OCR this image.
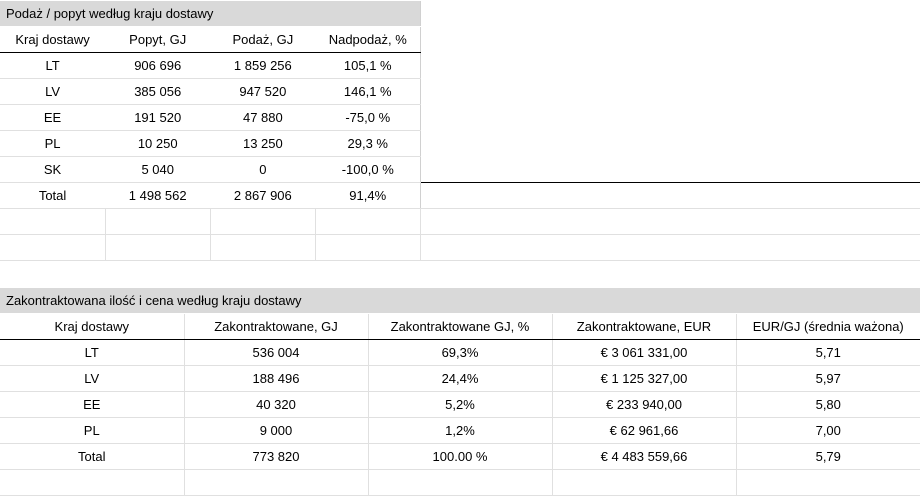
Podaż / popyt według kraju dostawy				
Kraj dostawy	Popyt, GJ	Podaż, GJ	Nadpodaż, %	
LT	906 696	1 859 256	105,1 %	
LV	385 056	947 520	146,1 %	
EE	191 520	47 880	-75,0 %	
PL	10 250	13 250	29,3 %	
SK	5 040	0	-100,0 %	
Total	1 498 562	2 867 906	91,4%	

Zakontraktowana ilość i cena według kraju dostawy				
Kraj dostawy	Zakontraktowane, GJ	Zakontraktowane GJ, %	Zakontraktowane, EUR	EUR/GJ (średnia ważona)
LT	536 004	69,3%	€ 3 061 331,00	5,71
LV	188 496	24,4%	€ 1 125 327,00	5,97
EE	40 320	5,2%	€ 233 940,00	5,80
PL	9 000	1,2%	€ 62 961,66	7,00
Total	773 820	100.00 %	€ 4 483 559,66	5,79
